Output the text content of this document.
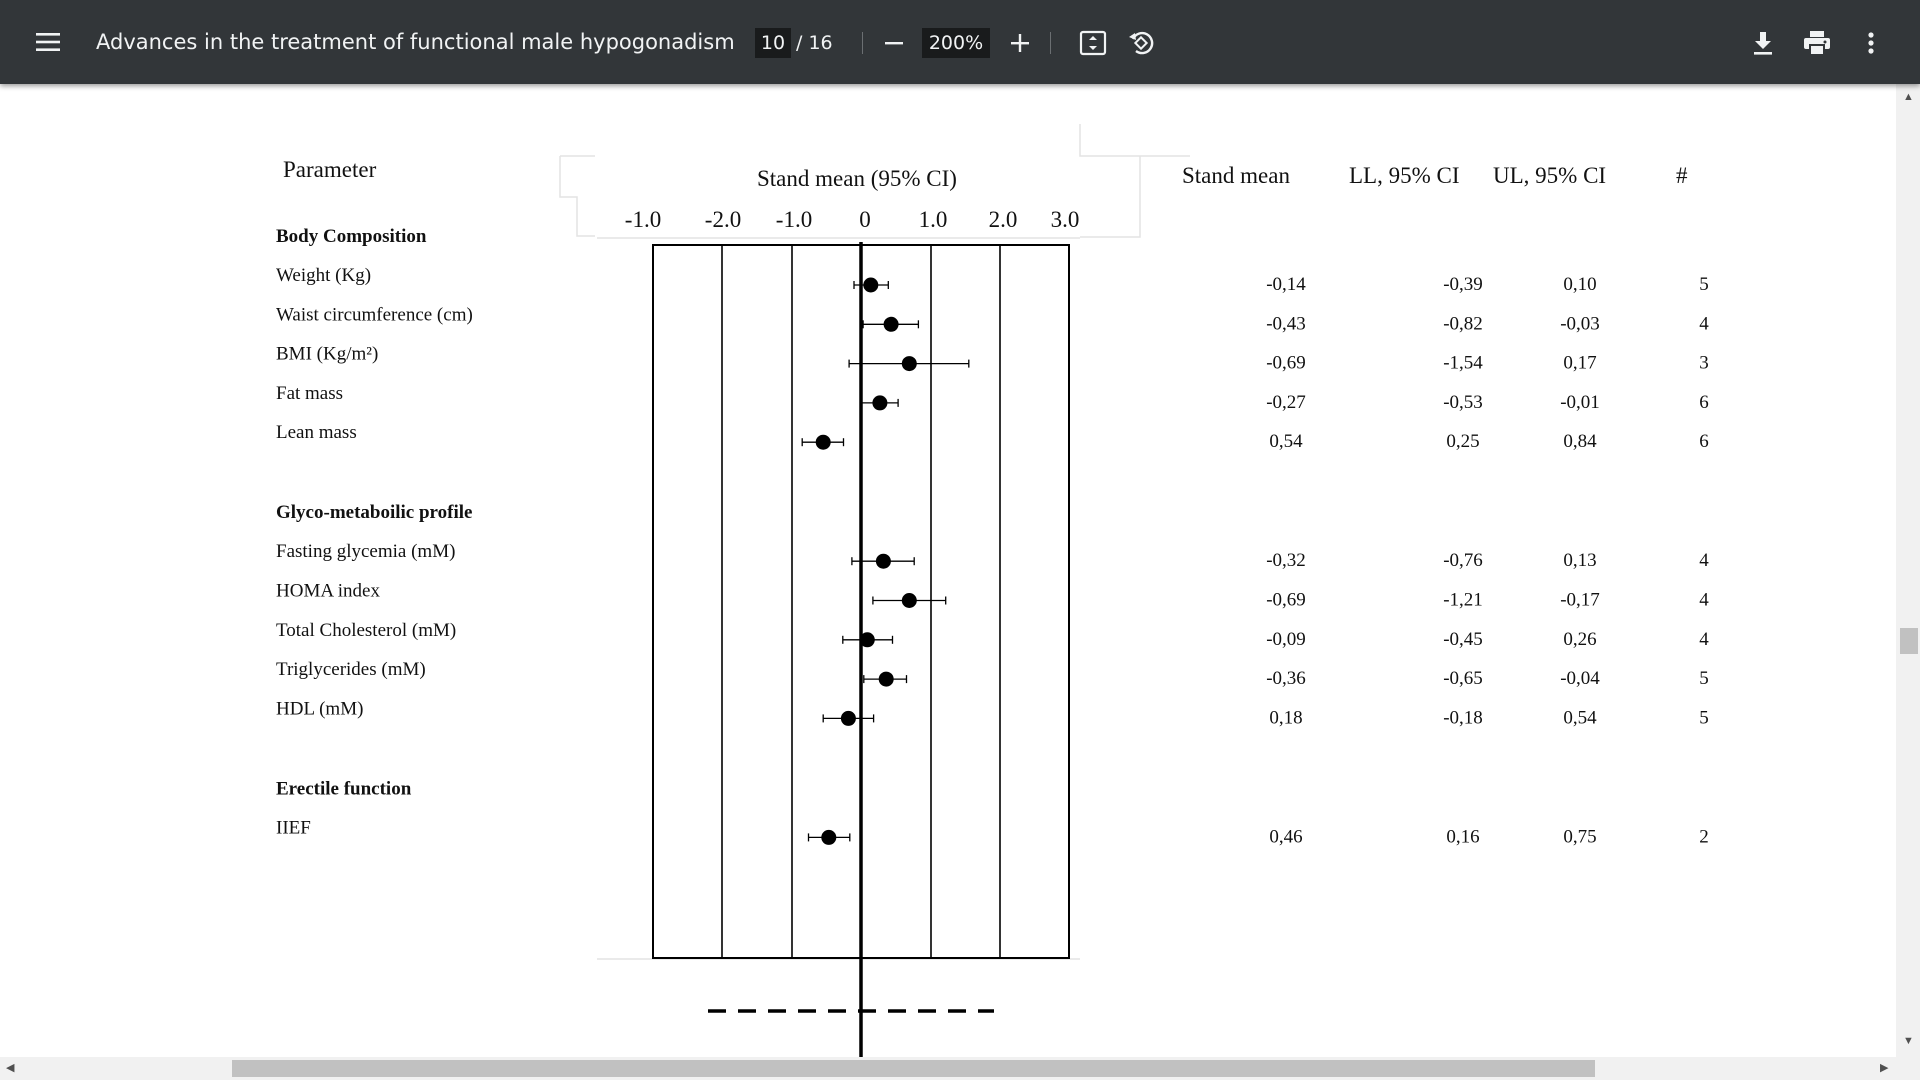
Advances in the treatment of functional male hypogonadism	10 / 16	200%
Parameter	Stand mean (95% CI)	Stand mean	LL, 95% CI UL, 95% CI	#
-1.0 -2.0 -1.0 0 1.0 2.0 3.0
Body Composition
Weight (Kg)	-0,14	-0,39	0,10	5
Waist circumference (cm)	-0,43	-0,82	-0,03	4
BMI (Kg/m²)	-0,69	-1,54	0,17	3
Fat mass	-0,27	-0,53	-0,01	6
Lean mass	0,54	0,25	0,84	6
Glyco-metaboilic profile
Fasting glycemia (mM)	-0,32	-0,76	0,13	4
HOMA index	-0,69	-1,21	-0,17	4
Total Cholesterol (mM)	-0,09	-0,45	0,26	4
Triglycerides (mM)	-0,36	-0,65	-0,04	5
HDL (mM)	0,18	-0,18	0,54	5
Erectile function
IIEF	0,46	0,16	0,75	2
▲
▼
◀	▶
